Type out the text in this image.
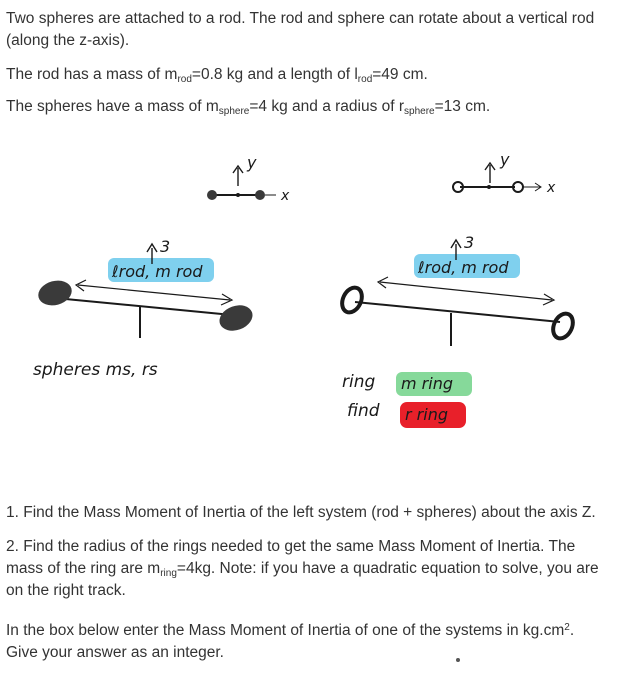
Two spheres are attached to a rod. The rod and sphere can rotate about a vertical rod (along the z-axis).
The rod has a mass of $m_{rod}=0.8$ kg and a length of $l_{rod}=49$ cm.
The spheres have a mass of $m_{sphere}=4$ kg and a radius of $r_{sphere}=13$ cm.
y
x
3
ℓrod, m rod
spheres ms, rs
y
x
3
ℓrod, m rod
ring m ring
find r ring
1. Find the Mass Moment of Inertia of the left system (rod + spheres) about the axis Z.
2. Find the radius of the rings needed to get the same Mass Moment of Inertia. The mass of the ring are $m_{ring}=4kg$. Note: if you have a quadratic equation to solve, you are on the right track.
In the box below enter the Mass Moment of Inertia of one of the systems in $kg.cm^2$.
Give your answer as an integer.
